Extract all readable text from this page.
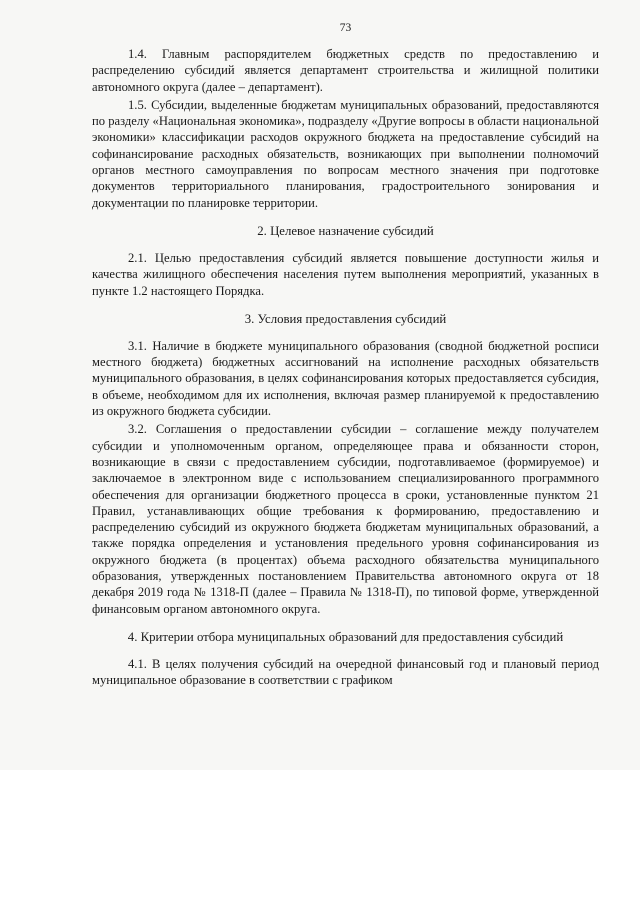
73

1.4. Главным распорядителем бюджетных средств по предоставлению и распределению субсидий является департамент строительства и жилищной политики автономного округа (далее – департамент).

1.5. Субсидии, выделенные бюджетам муниципальных образований, предоставляются по разделу «Национальная экономика», подразделу «Другие вопросы в области национальной экономики» классификации расходов окружного бюджета на предоставление субсидий на софинансирование расходных обязательств, возникающих при выполнении полномочий органов местного самоуправления по вопросам местного значения при подготовке документов территориального планирования, градостроительного зонирования и документации по планировке территории.

2. Целевое назначение субсидий

2.1. Целью предоставления субсидий является повышение доступности жилья и качества жилищного обеспечения населения путем выполнения мероприятий, указанных в пункте 1.2 настоящего Порядка.

3. Условия предоставления субсидий

3.1. Наличие в бюджете муниципального образования (сводной бюджетной росписи местного бюджета) бюджетных ассигнований на исполнение расходных обязательств муниципального образования, в целях софинансирования которых предоставляется субсидия, в объеме, необходимом для их исполнения, включая размер планируемой к предоставлению из окружного бюджета субсидии.

3.2. Соглашения о предоставлении субсидии – соглашение между получателем субсидии и уполномоченным органом, определяющее права и обязанности сторон, возникающие в связи с предоставлением субсидии, подготавливаемое (формируемое) и заключаемое в электронном виде с использованием специализированного программного обеспечения для организации бюджетного процесса в сроки, установленные пунктом 21 Правил, устанавливающих общие требования к формированию, предоставлению и распределению субсидий из окружного бюджета бюджетам муниципальных образований, а также порядка определения и установления предельного уровня софинансирования из окружного бюджета (в процентах) объема расходного обязательства муниципального образования, утвержденных постановлением Правительства автономного округа от 18 декабря 2019 года № 1318-П (далее – Правила № 1318-П), по типовой форме, утвержденной финансовым органом автономного округа.

4. Критерии отбора муниципальных образований для предоставления субсидий

4.1. В целях получения субсидий на очередной финансовый год и плановый период муниципальное образование в соответствии с графиком
